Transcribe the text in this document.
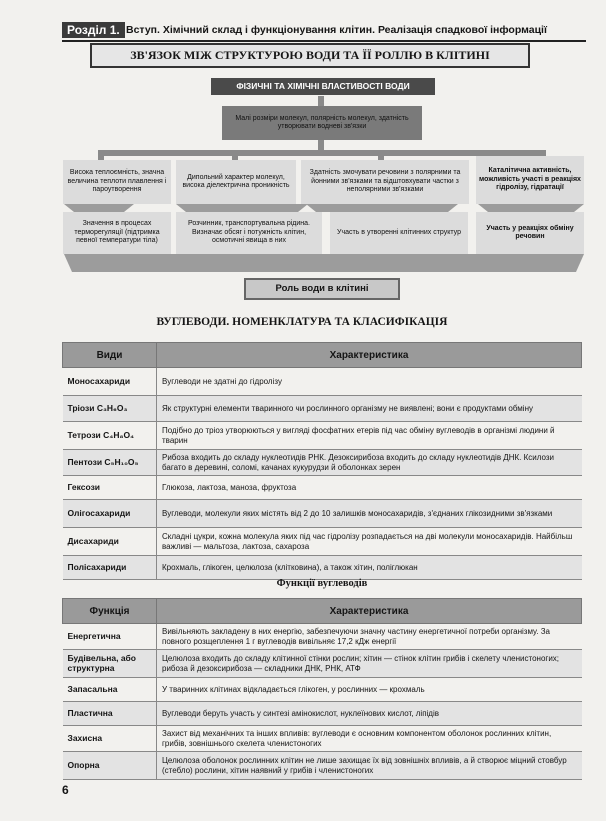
Розділ 1. Вступ. Хімічний склад і функціонування клітин. Реалізація спадкової інформації
ЗВ'ЯЗОК МІЖ СТРУКТУРОЮ ВОДИ ТА ЇЇ РОЛЛЮ В КЛІТИНІ
ФІЗИЧНІ ТА ХІМІЧНІ ВЛАСТИВОСТІ ВОДИ
Малі розміри молекул, полярність молекул, здатність утворювати водневі зв'язки
Висока теплоємність, значна величина теплоти плавлення і пароутворення
Дипольний характер молекул, висока діелектрична проникність
Здатність змочувати речовини з полярними та йонними зв'язками та відштовхувати частки з неполярними зв'язками
Каталітична активність, можливість участі в реакціях гідролізу, гідратації
Значення в процесах терморегуляції (підтримка певної температури тіла)
Розчинник, транспортувальна рідина. Визначає обсяг і потужність клітин, осмотичні явища в них
Участь в утворенні клітинних структур
Участь у реакціях обміну речовин
Роль води в клітині
ВУГЛЕВОДИ. НОМЕНКЛАТУРА ТА КЛАСИФІКАЦІЯ
Види	Характеристика
Моносахариди	Вуглеводи не здатні до гідролізу
Тріози C₃H₆O₃	Як структурні елементи тваринного чи рослинного організму не виявлені; вони є продуктами обміну
Тетрози C₄H₈O₄	Подібно до тріоз утворюються у вигляді фосфатних етерів під час обміну вуглеводів в організмі людини й тварин
Пентози C₅H₁₀O₅	Рибоза входить до складу нуклеотидів РНК. Дезоксирибоза входить до складу нуклеотидів ДНК. Ксилози багато в деревині, соломі, качанах кукурудзи й оболонках зерен
Гексози	Глюкоза, лактоза, маноза, фруктоза
Олігосахариди	Вуглеводи, молекули яких містять від 2 до 10 залишків моносахаридів, з'єднаних глікозидними зв'язками
Дисахариди	Складні цукри, кожна молекула яких під час гідролізу розпадається на дві молекули моносахаридів. Найбільш важливі — мальтоза, лактоза, сахароза
Полісахариди	Крохмаль, глікоген, целюлоза (клітковина), а також хітин, поліглюкан
Функції вуглеводів
Функція	Характеристика
Енергетична	Вивільняють закладену в них енергію, забезпечуючи значну частину енергетичної потреби організму. За повного розщеплення 1 г вуглеводів вивільняє 17,2 кДж енергії
Будівельна, або структурна	Целюлоза входить до складу клітинної стінки рослин; хітин — стінок клітин грибів і скелету членистоногих; рибоза й дезоксирибоза — складники ДНК, РНК, АТФ
Запасальна	У тваринних клітинах відкладається глікоген, у рослинних — крохмаль
Пластична	Вуглеводи беруть участь у синтезі амінокислот, нуклеїнових кислот, ліпідів
Захисна	Захист від механічних та інших впливів: вуглеводи є основним компонентом оболонок рослинних клітин, грибів, зовнішнього скелета членистоногих
Опорна	Целюлоза оболонок рослинних клітин не лише захищає їх від зовнішніх впливів, а й створює міцний стовбур (стебло) рослини, хітин наявний у грибів і членистоногих
6
